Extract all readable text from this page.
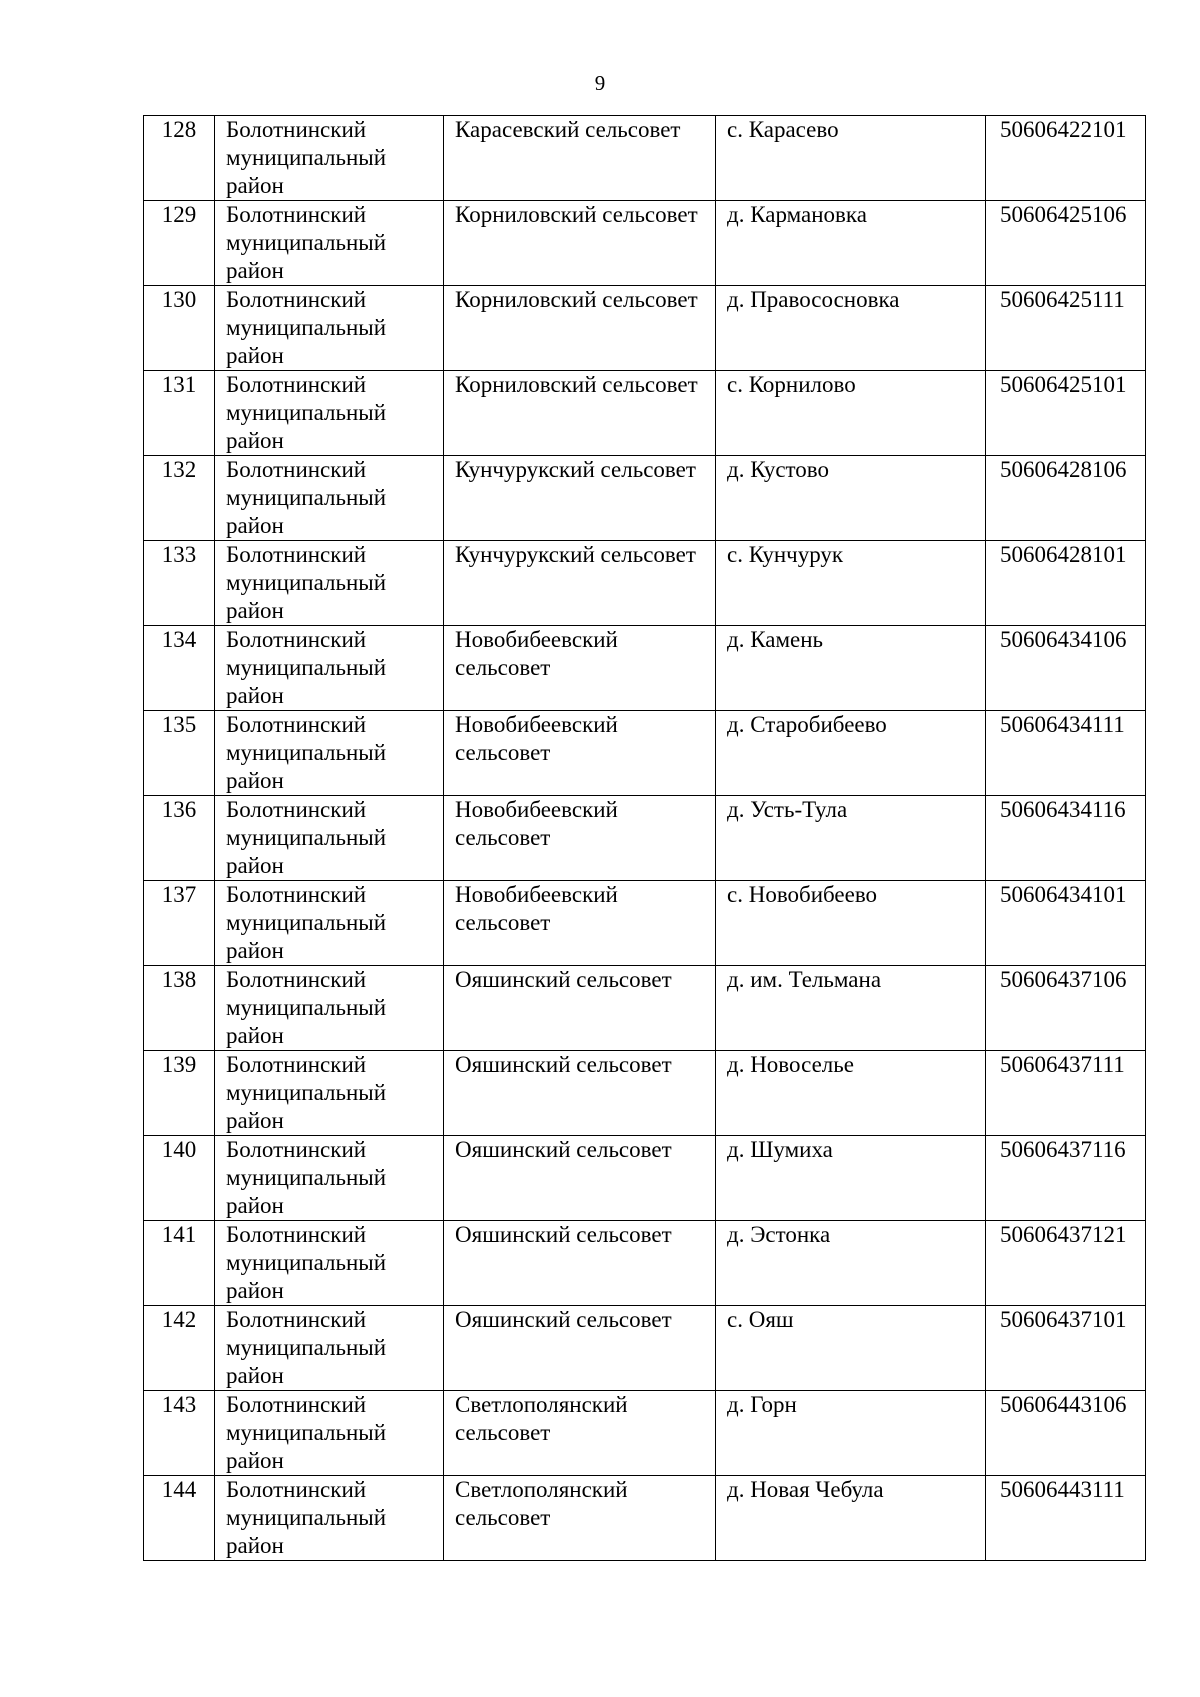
9
128	Болотнинский муниципальный район	Карасевский сельсовет	с. Карасево	50606422101
129	Болотнинский муниципальный район	Корниловский сельсовет	д. Кармановка	50606425106
130	Болотнинский муниципальный район	Корниловский сельсовет	д. Правососновка	50606425111
131	Болотнинский муниципальный район	Корниловский сельсовет	с. Корнилово	50606425101
132	Болотнинский муниципальный район	Кунчурукский сельсовет	д. Кустово	50606428106
133	Болотнинский муниципальный район	Кунчурукский сельсовет	с. Кунчурук	50606428101
134	Болотнинский муниципальный район	Новобибеевский сельсовет	д. Камень	50606434106
135	Болотнинский муниципальный район	Новобибеевский сельсовет	д. Старобибеево	50606434111
136	Болотнинский муниципальный район	Новобибеевский сельсовет	д. Усть-Тула	50606434116
137	Болотнинский муниципальный район	Новобибеевский сельсовет	с. Новобибеево	50606434101
138	Болотнинский муниципальный район	Ояшинский сельсовет	д. им. Тельмана	50606437106
139	Болотнинский муниципальный район	Ояшинский сельсовет	д. Новоселье	50606437111
140	Болотнинский муниципальный район	Ояшинский сельсовет	д. Шумиха	50606437116
141	Болотнинский муниципальный район	Ояшинский сельсовет	д. Эстонка	50606437121
142	Болотнинский муниципальный район	Ояшинский сельсовет	с. Ояш	50606437101
143	Болотнинский муниципальный район	Светлополянский сельсовет	д. Горн	50606443106
144	Болотнинский муниципальный район	Светлополянский сельсовет	д. Новая Чебула	50606443111
